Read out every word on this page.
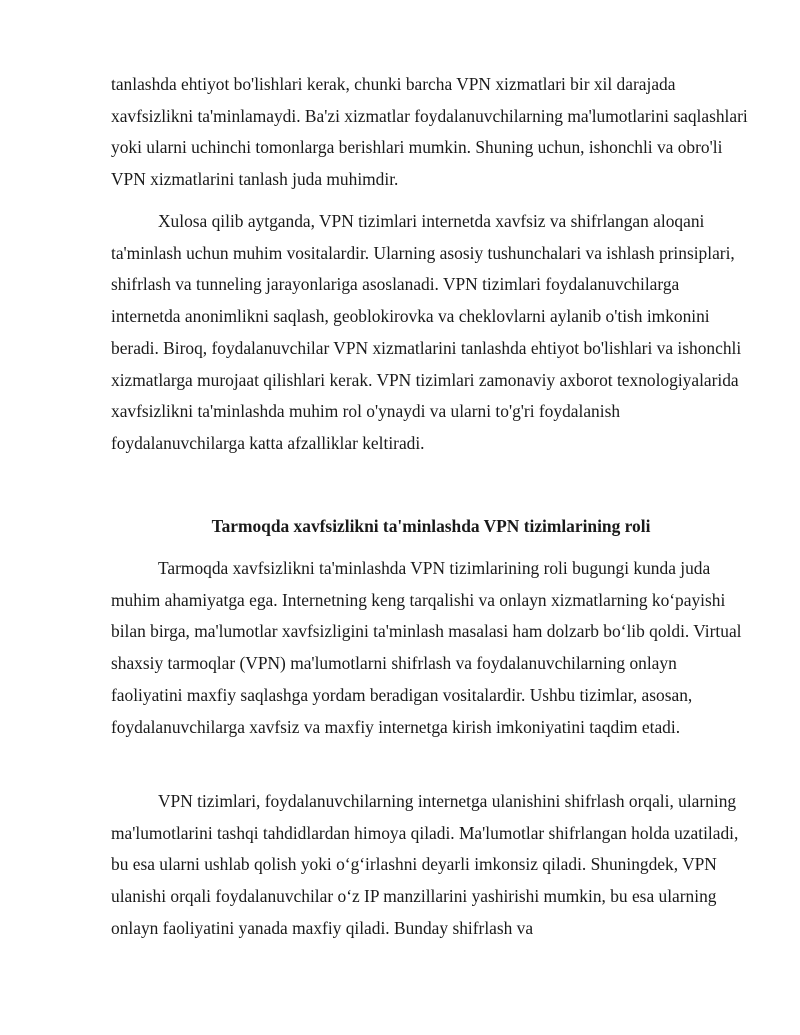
tanlashda ehtiyot bo'lishlari kerak, chunki barcha VPN xizmatlari bir xil darajada xavfsizlikni ta'minlamaydi. Ba'zi xizmatlar foydalanuvchilarning ma'lumotlarini saqlashlari yoki ularni uchinchi tomonlarga berishlari mumkin. Shuning uchun, ishonchli va obro'li VPN xizmatlarini tanlash juda muhimdir.

Xulosa qilib aytganda, VPN tizimlari internetda xavfsiz va shifrlangan aloqani ta'minlash uchun muhim vositalardir. Ularning asosiy tushunchalari va ishlash prinsiplari, shifrlash va tunneling jarayonlariga asoslanadi. VPN tizimlari foydalanuvchilarga internetda anonimlikni saqlash, geoblokirovka va cheklovlarni aylanib o'tish imkonini beradi. Biroq, foydalanuvchilar VPN xizmatlarini tanlashda ehtiyot bo'lishlari va ishonchli xizmatlarga murojaat qilishlari kerak. VPN tizimlari zamonaviy axborot texnologiyalarida xavfsizlikni ta'minlashda muhim rol o'ynaydi va ularni to'g'ri foydalanish foydalanuvchilarga katta afzalliklar keltiradi.

Tarmoqda xavfsizlikni ta'minlashda VPN tizimlarining roli

Tarmoqda xavfsizlikni ta'minlashda VPN tizimlarining roli bugungi kunda juda muhim ahamiyatga ega. Internetning keng tarqalishi va onlayn xizmatlarning koʻpayishi bilan birga, ma'lumotlar xavfsizligini ta'minlash masalasi ham dolzarb boʻlib qoldi. Virtual shaxsiy tarmoqlar (VPN) ma'lumotlarni shifrlash va foydalanuvchilarning onlayn faoliyatini maxfiy saqlashga yordam beradigan vositalardir. Ushbu tizimlar, asosan, foydalanuvchilarga xavfsiz va maxfiy internetga kirish imkoniyatini taqdim etadi.

VPN tizimlari, foydalanuvchilarning internetga ulanishini shifrlash orqali, ularning ma'lumotlarini tashqi tahdidlardan himoya qiladi. Ma'lumotlar shifrlangan holda uzatiladi, bu esa ularni ushlab qolish yoki oʻgʻirlashni deyarli imkonsiz qiladi. Shuningdek, VPN ulanishi orqali foydalanuvchilar oʻz IP manzillarini yashirishi mumkin, bu esa ularning onlayn faoliyatini yanada maxfiy qiladi. Bunday shifrlash va
